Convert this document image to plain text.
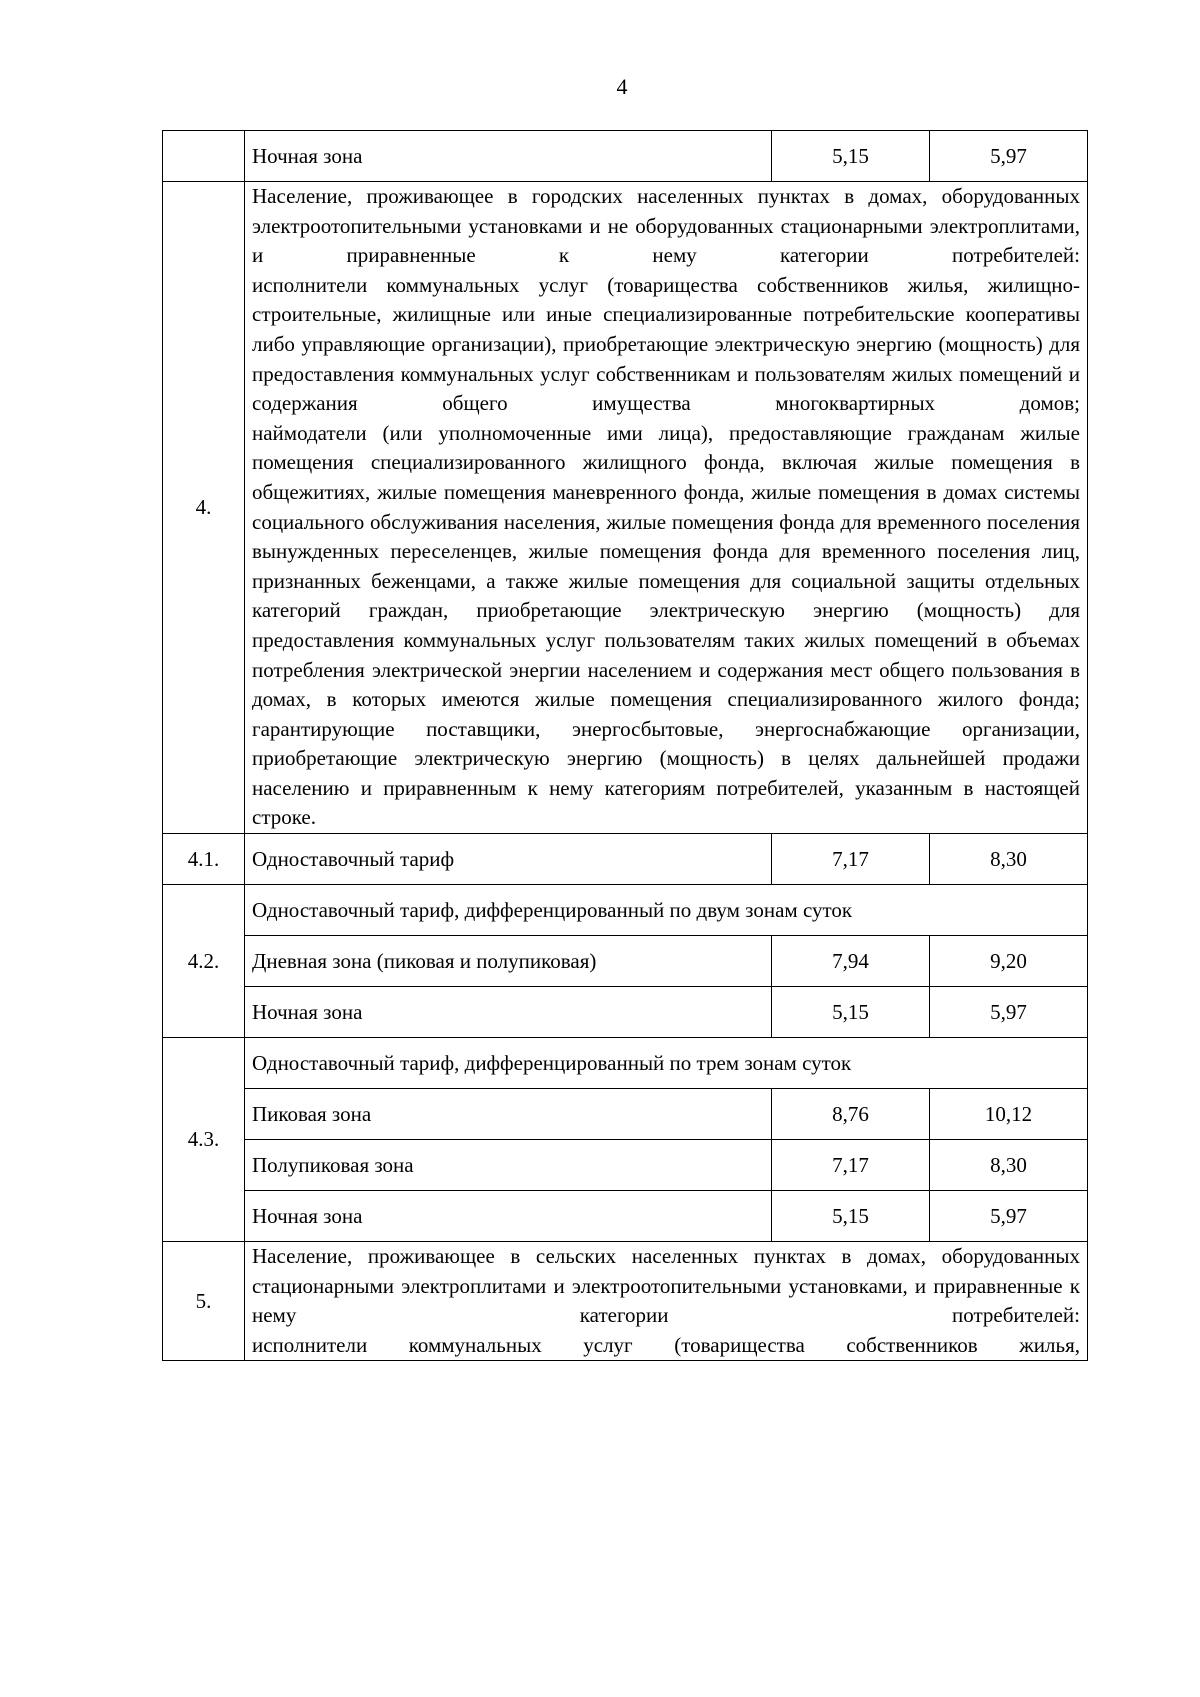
4
	Ночная зона	5,15	5,97
4.	Население, проживающее в городских населенных пунктах в домах, оборудованных электроотопительными установками и не оборудованных стационарными электроплитами, и приравненные к нему категории потребителей:

исполнители коммунальных услуг (товарищества собственников жилья, жилищно-строительные, жилищные или иные специализированные потребительские кооперативы либо управляющие организации), приобретающие электрическую энергию (мощность) для предоставления коммунальных услуг собственникам и пользователям жилых помещений и содержания общего имущества многоквартирных домов;

наймодатели (или уполномоченные ими лица), предоставляющие гражданам жилые помещения специализированного жилищного фонда, включая жилые помещения в общежитиях, жилые помещения маневренного фонда, жилые помещения в домах системы социального обслуживания населения, жилые помещения фонда для временного поселения вынужденных переселенцев, жилые помещения фонда для временного поселения лиц, признанных беженцами, а также жилые помещения для социальной защиты отдельных категорий граждан, приобретающие электрическую энергию (мощность) для предоставления коммунальных услуг пользователям таких жилых помещений в объемах потребления электрической энергии населением и содержания мест общего пользования в домах, в которых имеются жилые помещения специализированного жилого фонда;

гарантирующие поставщики, энергосбытовые, энергоснабжающие организации, приобретающие электрическую энергию (мощность) в целях дальнейшей продажи населению и приравненным к нему категориям потребителей, указанным в настоящей строке.		

4.1.	Одноставочный тариф	7,17	8,30
4.2.	Одноставочный тариф, дифференцированный по двум зонам суток		
	Дневная зона (пиковая и полупиковая)	7,94	9,20
	Ночная зона	5,15	5,97
4.3.	Одноставочный тариф, дифференцированный по трем зонам суток		
	Пиковая зона	8,76	10,12
	Полупиковая зона	7,17	8,30
	Ночная зона	5,15	5,97
5.	Население, проживающее в сельских населенных пунктах в домах, оборудованных стационарными электроплитами и электроотопительными установками, и приравненные к нему категории потребителей:

исполнители коммунальных услуг (товарищества собственников жилья,		
